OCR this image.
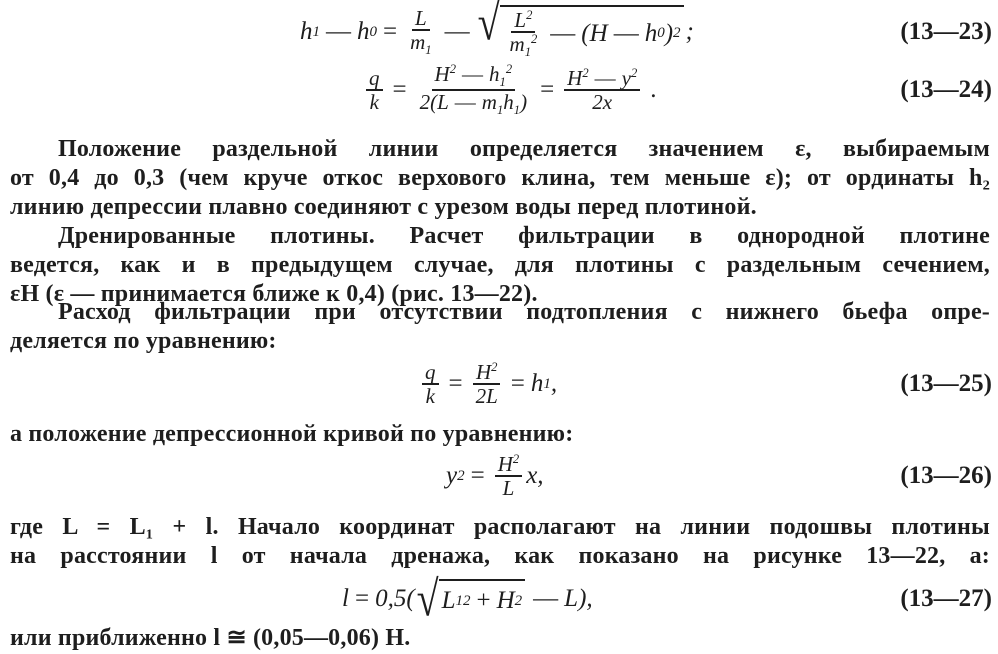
h 1 — h $0 = \frac{L}{m_1}$ — √ $\frac{L^2}{m_1^2}$ — (H — h 0 ) 2 ;	(13—23)
$\frac{q}{k} = \frac{H^2 — h_1^2}{2(L — m_1h_1)} = \frac{H^2 — y^2}{2x}$ .	(13—24)
Положение раздельной линии определяется значением ε, выбираемым
от 0,4 до 0,3 (чем круче откос верхового клина, тем меньше ε); от ординаты h₂
линию депрессии плавно соединяют с урезом воды перед плотиной.
Дренированные плотины. Расчет фильтрации в однородной плотине
ведется, как и в предыдущем случае, для плотины с раздельным сечением,
εH (ε — принимается ближе к 0,4) (рис. 13—22).
Расход фильтрации при отсутствии подтопления с нижнего бьефа опре-
деляется по уравнению:
$\frac{q}{k} = \frac{H^2}{2L} = h$ 1 ,	(13—25)
а положение депрессионной кривой по уравнению:
y $2 = \frac{H^2}{L} x$,	(13—26)
где L = L₁ + l. Начало координат располагают на линии подошвы плотины
на расстоянии l от начала дренажа, как показано на рисунке 13—22, а:
l = 0,5 ( √ L 1 2 + H 2 — L),	(13—27)
или приближенно l ≅ (0,05—0,06) H.
